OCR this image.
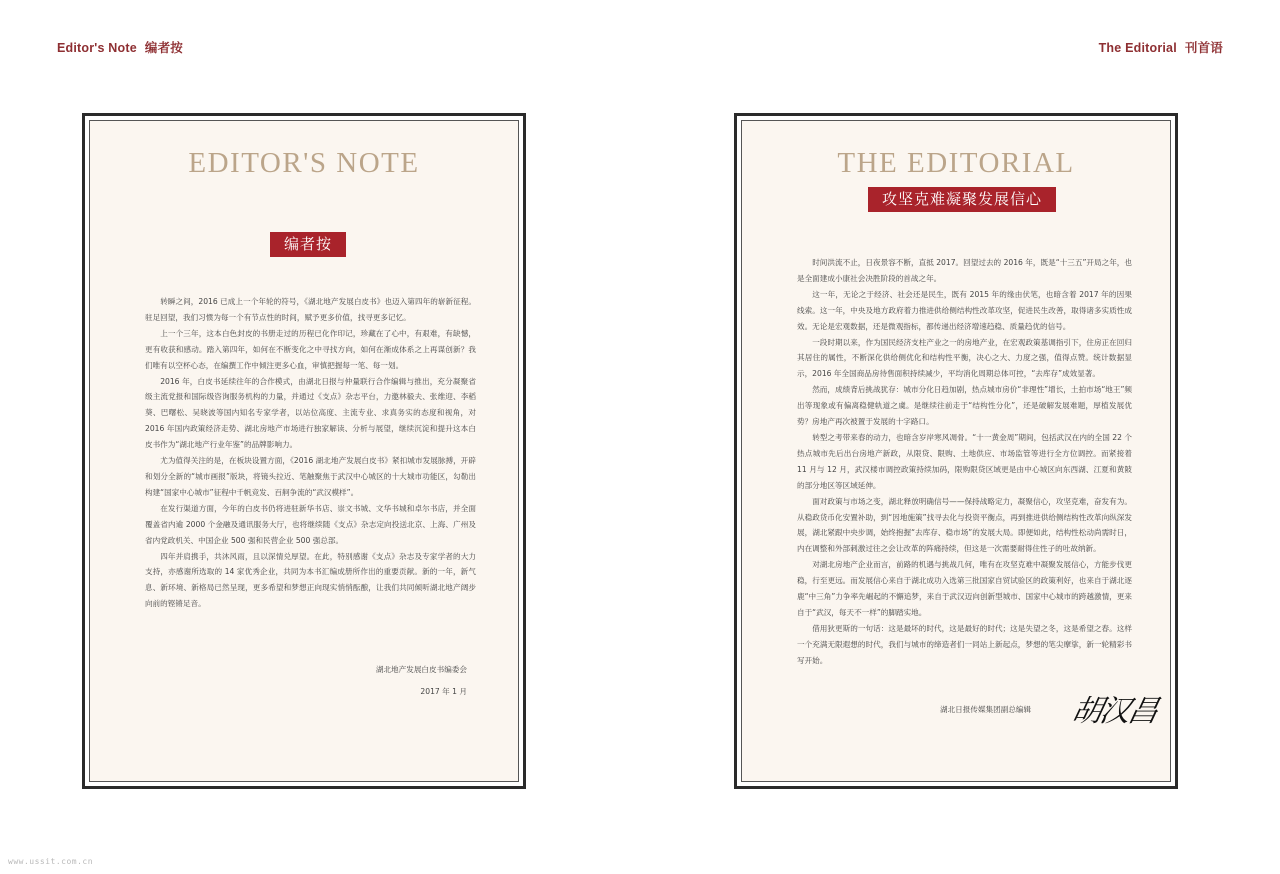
Editor's Note 编者按	The Editorial 刊首语
EDITOR'S NOTE
编者按

转瞬之间，2016 已成上一个年轮的符号，《湖北地产发展白皮书》也迈入第四年的崭新征程。驻足回望，我们习惯为每一个有节点性的时间，赋予更多价值，找寻更多记忆。

上一个三年，这本白色封皮的书册走过的历程已化作印记，珍藏在了心中，有艰难，有缺憾，更有收获和感动。踏入第四年，如何在不断变化之中寻找方向，如何在渐成体系之上再谋创新？我们唯有以空杯心态，在编撰工作中倾注更多心血，审慎把握每一笔、每一划。

2016 年，白皮书延续往年的合作模式，由湖北日报与仲量联行合作编辑与推出，充分凝聚省级主流党报和国际级咨询服务机构的力量，并通过《支点》杂志平台，力邀林毅夫、张维迎、李稻葵、巴曙松、吴晓波等国内知名专家学者，以站位高度、主流专业、求真务实的态度和视角，对 2016 年国内政策经济走势、湖北房地产市场进行独家解读、分析与展望，继续沉淀和提升这本白皮书作为“湖北地产行业年鉴”的品牌影响力。

尤为值得关注的是，在板块设置方面，《2016 湖北地产发展白皮书》紧扣城市发展脉搏，开辟和划分全新的“城市画报”版块，将镜头拉近、笔触聚焦于武汉中心城区的十大城市功能区，勾勒出构建“国家中心城市”征程中千帆竞发、百舸争流的“武汉模样”。

在发行渠道方面，今年的白皮书仍将进驻新华书店、崇文书城、文华书城和卓尔书店，并全面覆盖省内逾 2000 个金融及通讯服务大厅，也将继续随《支点》杂志定向投送北京、上海、广州及省内党政机关、中国企业 500 强和民营企业 500 强总部。

四年并肩携手，共沐风雨，且以深情兑厚望。在此，特别感谢《支点》杂志及专家学者的大力支持，亦感谢所选取的 14 家优秀企业，共同为本书汇编成册所作出的重要贡献。新的一年，新气息、新环境、新格局已然呈现，更多希望和梦想正向现实悄悄酝酿，让我们共同倾听湖北地产阔步向前的铿锵足音。

湖北地产发展白皮书编委会
2017 年 1 月
THE EDITORIAL
攻坚克难凝聚发展信心

时间洪流不止，日夜景容不断，直抵 2017。回望过去的 2016 年，既是“十三五”开局之年，也是全面建成小康社会决胜阶段的首战之年。

这一年，无论之于经济、社会还是民生，既有 2015 年的缘由伏笔，也暗含着 2017 年的因果线索。这一年，中央及地方政府着力推进供给侧结构性改革攻坚，促进民生改善，取得诸多实质性成效。无论是宏观数据，还是微观指标，都传递出经济增速趋稳、质量趋优的信号。

一段时期以来，作为国民经济支柱产业之一的房地产业，在宏观政策基调指引下，住房正在回归其居住的属性，不断深化供给侧优化和结构性平衡，决心之大、力度之强，值得点赞。统计数据显示，2016 年全国商品房待售面积持续减少，平均消化周期总体可控，“去库存”成效显著。

然而，成绩背后挑战犹存：城市分化日趋加剧，热点城市房价“非理性”增长，土拍市场“地王”频出等现象或有偏离稳健轨道之虞。是继续往前走于“结构性分化”，还是破解发展难题，厚植发展优势？房地产再次被置于发展的十字路口。

转型之考带来春的动力，也暗含岁岸寒风凋骨。“十一黄金周”期间，包括武汉在内的全国 22 个热点城市先后出台房地产新政，从限贷、限购、土地供应、市场监管等进行全方位调控。而紧接着 11 月与 12 月，武汉楼市调控政策持续加码，限购限贷区域更是由中心城区向东西湖、江夏和黄陂的部分地区等区域延伸。

面对政策与市场之变，湖北释放明确信号——保持战略定力，凝聚信心，攻坚克难，奋发有为。从稳政货币化安置补助，到“因地施策”找寻去化与投资平衡点，再到推进供给侧结构性改革向纵深发展，湖北紧跟中央步调，始终抱握“去库存、稳市场”的发展大局。即便如此，结构性松动尚需时日，内在调整和外部刺激过往之会让改革的阵痛持续，但这是一次需要耐得住性子的吐故纳新。

对湖北房地产企业而言，前路的机遇与挑战几何，唯有在攻坚克难中凝聚发展信心，方能步伐更稳，行至更远。而发展信心来自于湖北成功入选第三批国家自贸试验区的政策利好，也来自于湖北逐鹿“中三角”力争率先崛起的不懈追梦，来自于武汉迈向创新型城市、国家中心城市的跨越激情，更来自于“武汉，每天不一样”的脚踏实地。

借用狄更斯的一句话：这是最坏的时代，这是最好的时代；这是失望之冬，这是希望之春。这样一个充满无限遐想的时代，我们与城市的缔造者们一同站上新起点，梦想的笔尖摩挲，新一轮精彩书写开始。

湖北日报传媒集团副总编辑 胡汉昌
www.ussit.com.cn
